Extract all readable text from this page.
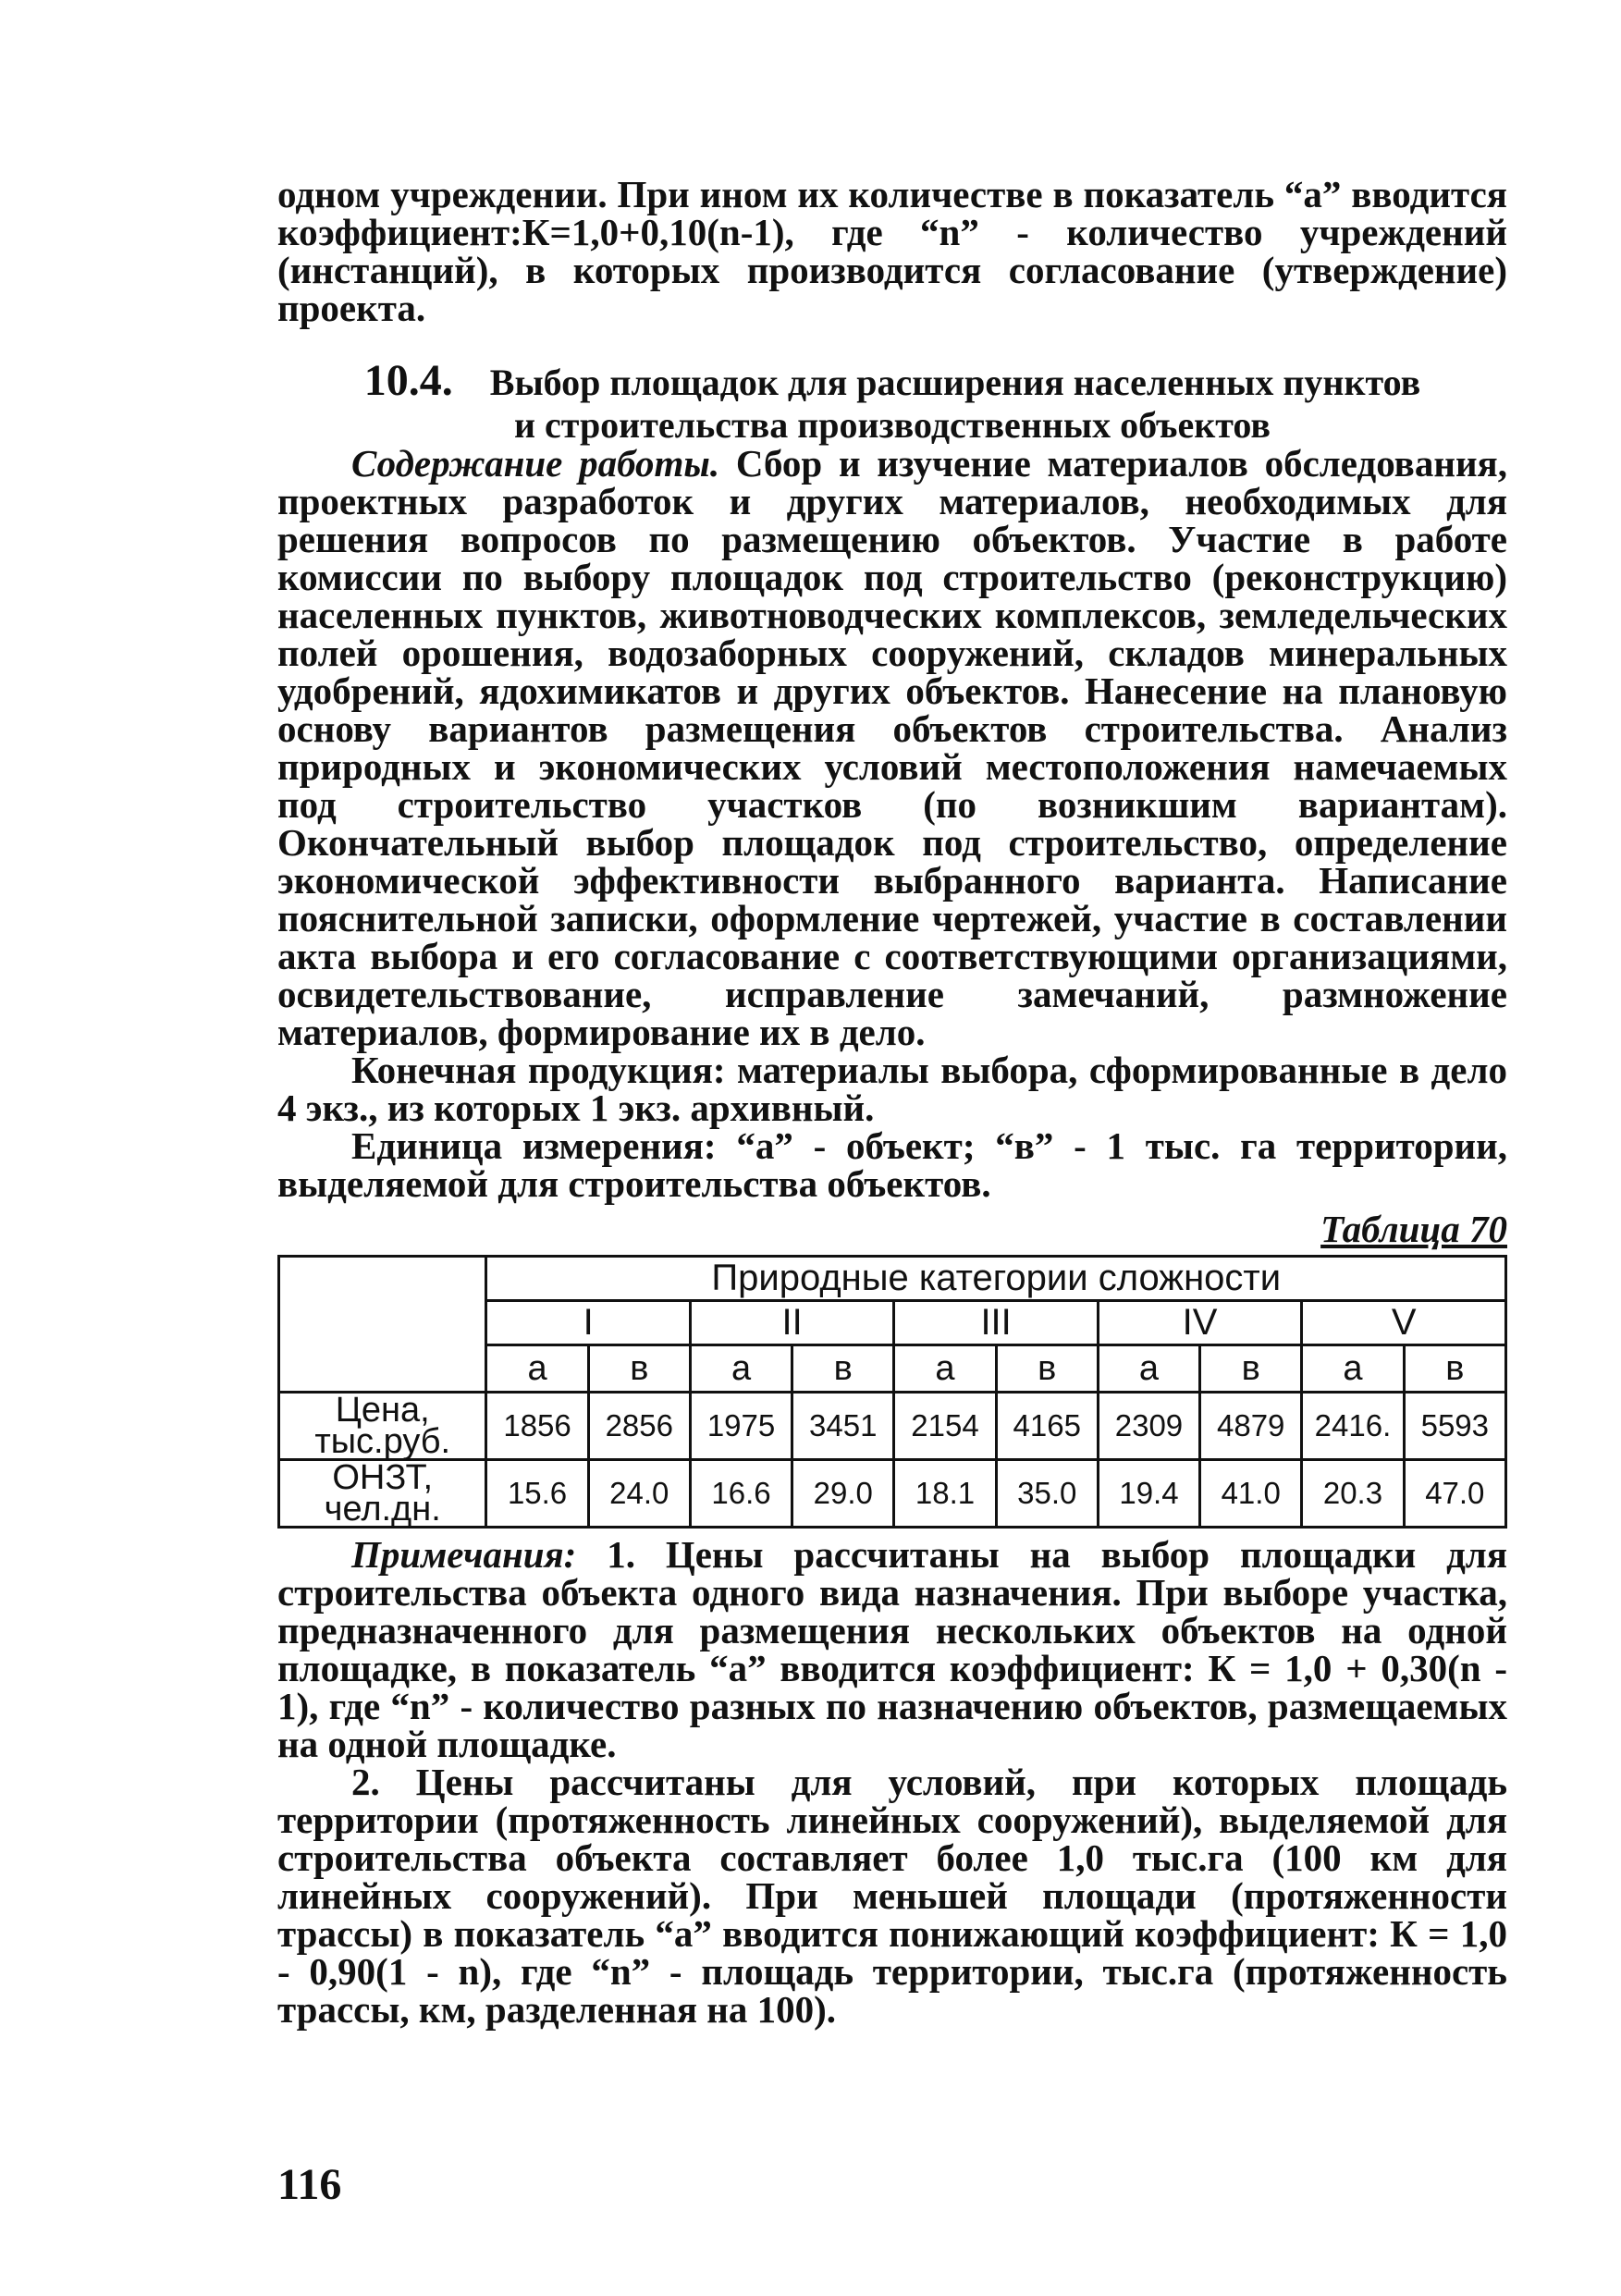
одном учреждении. При ином их количестве в показатель “а” вводится коэффициент:К=1,0+0,10(n-1), где “n” - количество учреждений (инстанций), в которых производится согласование (утверждение) проекта.

10.4. Выбор площадок для расширения населенных пунктов
и строительства производственных объектов

Содержание работы. Сбор и изучение материалов обследования, проектных разработок и других материалов, необходимых для решения вопросов по размещению объектов. Участие в работе комиссии по выбору площадок под строительство (реконструкцию) населенных пунктов, животноводческих комплексов, земледельческих полей орошения, водозаборных сооружений, складов минеральных удобрений, ядохимикатов и других объектов. Нанесение на плановую основу вариантов размещения объектов строительства. Анализ природных и экономических условий местоположения намечаемых под строительство участков (по возникшим вариантам). Окончательный выбор площадок под строительство, определение экономической эффективности выбранного варианта. Написание пояснительной записки, оформление чертежей, участие в составлении акта выбора и его согласование с соответствующими организациями, освидетельствование, исправление замечаний, размножение материалов, формирование их в дело.

Конечная продукция: материалы выбора, сформированные в дело 4 экз., из которых 1 экз. архивный.

Единица измерения: “а” - объект; “в” - 1 тыс. га территории, выделяемой для строительства объектов.

Таблица 70
	Природные категории сложности									
	I		II		III		IV		V	
	а	в	а	в	а	в	а	в	а	в
Цена,
тыс.руб.	1856	2856	1975	3451	2154	4165	2309	4879	2416.	5593
ОНЗТ,
чел.дн.	15.6	24.0	16.6	29.0	18.1	35.0	19.4	41.0	20.3	47.0

Примечания: 1. Цены рассчитаны на выбор площадки для строительства объекта одного вида назначения. При выборе участка, предназначенного для размещения нескольких объектов на одной площадке, в показатель “а” вводится коэффициент: К = 1,0 + 0,30(n - 1), где “n” - количество разных по назначению объектов, размещаемых на одной площадке.

2. Цены рассчитаны для условий, при которых площадь территории (протяженность линейных сооружений), выделяемой для строительства объекта составляет более 1,0 тыс.га (100 км для линейных сооружений). При меньшей площади (протяженности трассы) в показатель “а” вводится понижающий коэффициент: К = 1,0 - 0,90(1 - n), где “n” - площадь территории, тыс.га (протяженность трассы, км, разделенная на 100).

116
